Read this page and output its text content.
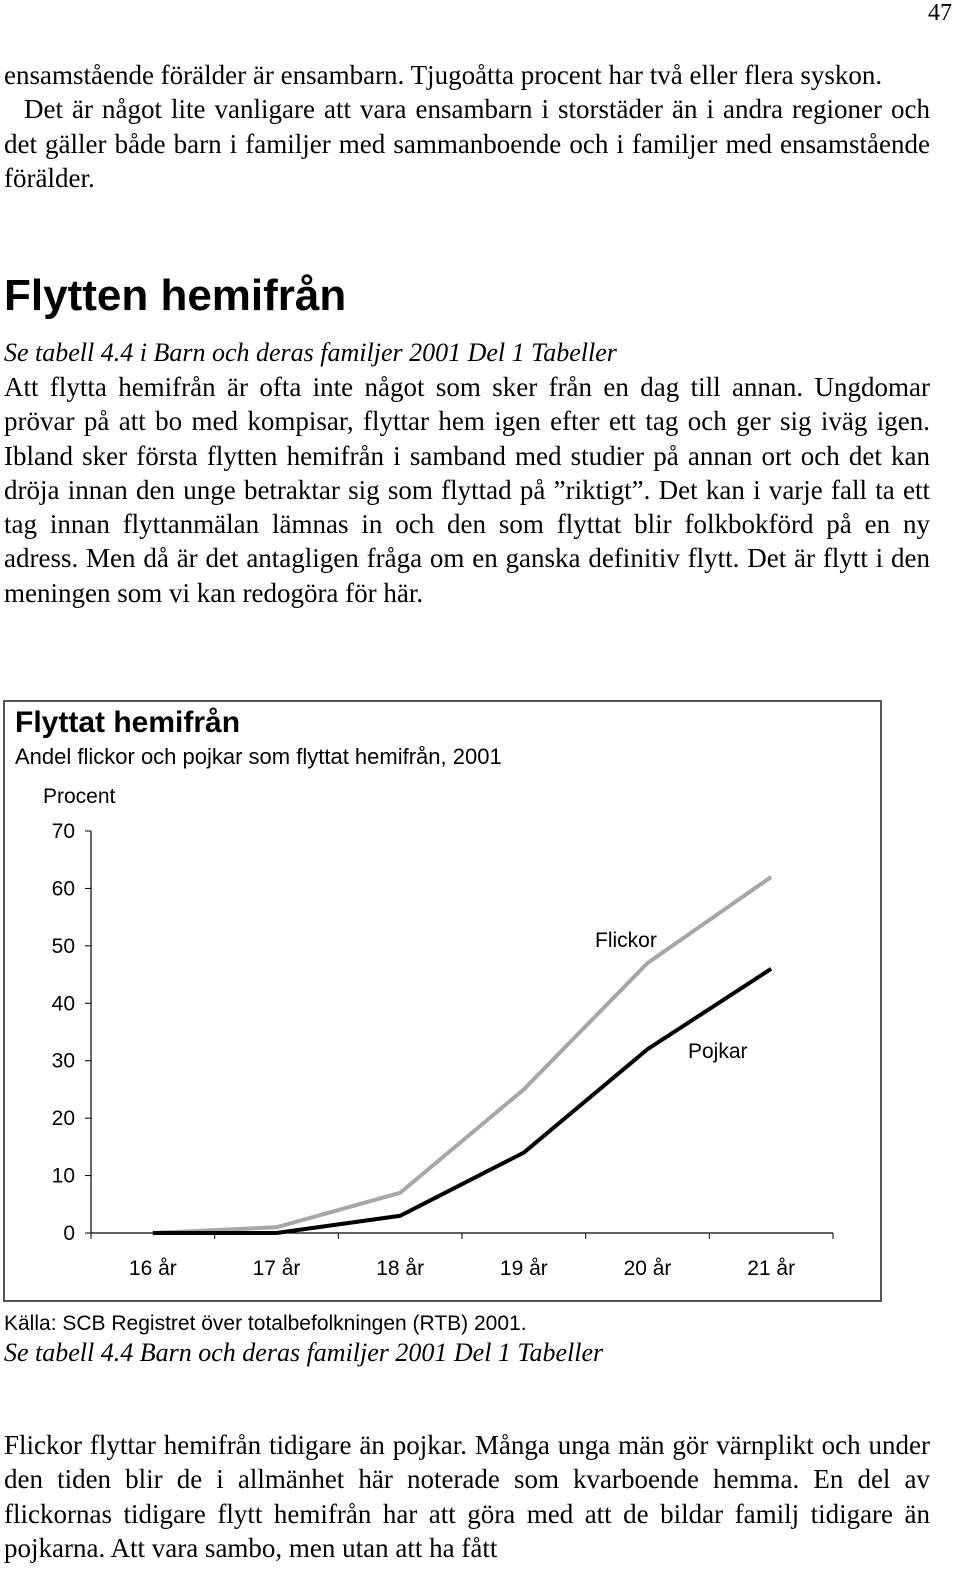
47

ensamstående förälder är ensambarn. Tjugoåtta procent har två eller flera syskon.
Det är något lite vanligare att vara ensambarn i storstäder än i andra regioner och det gäller både barn i familjer med sammanboende och i familjer med ensamstående förälder.

Flytten hemifrån

Se tabell 4.4 i Barn och deras familjer 2001 Del 1 Tabeller

Att flytta hemifrån är ofta inte något som sker från en dag till annan. Ungdomar prövar på att bo med kompisar, flyttar hem igen efter ett tag och ger sig iväg igen. Ibland sker första flytten hemifrån i samband med studier på annan ort och det kan dröja innan den unge betraktar sig som flyttad på ”riktigt”. Det kan i varje fall ta ett tag innan flyttanmälan lämnas in och den som flyttat blir folkbokförd på en ny adress. Men då är det antagligen fråga om en ganska definitiv flytt. Det är flytt i den meningen som vi kan redogöra för här.

Flyttat hemifrån
Andel flickor och pojkar som flyttat hemifrån, 2001
Procent
0
10
20
30
40
50
60
70
16 år	17 år	18 år	19 år	20 år	21 år
Flickor
Pojkar

Källa: SCB Registret över totalbefolkningen (RTB) 2001.

Se tabell 4.4 Barn och deras familjer 2001 Del 1 Tabeller

Flickor flyttar hemifrån tidigare än pojkar. Många unga män gör värnplikt och under den tiden blir de i allmänhet här noterade som kvarboende hemma. En del av flickornas tidigare flytt hemifrån har att göra med att de bildar familj tidigare än pojkarna. Att vara sambo, men utan att ha fått
